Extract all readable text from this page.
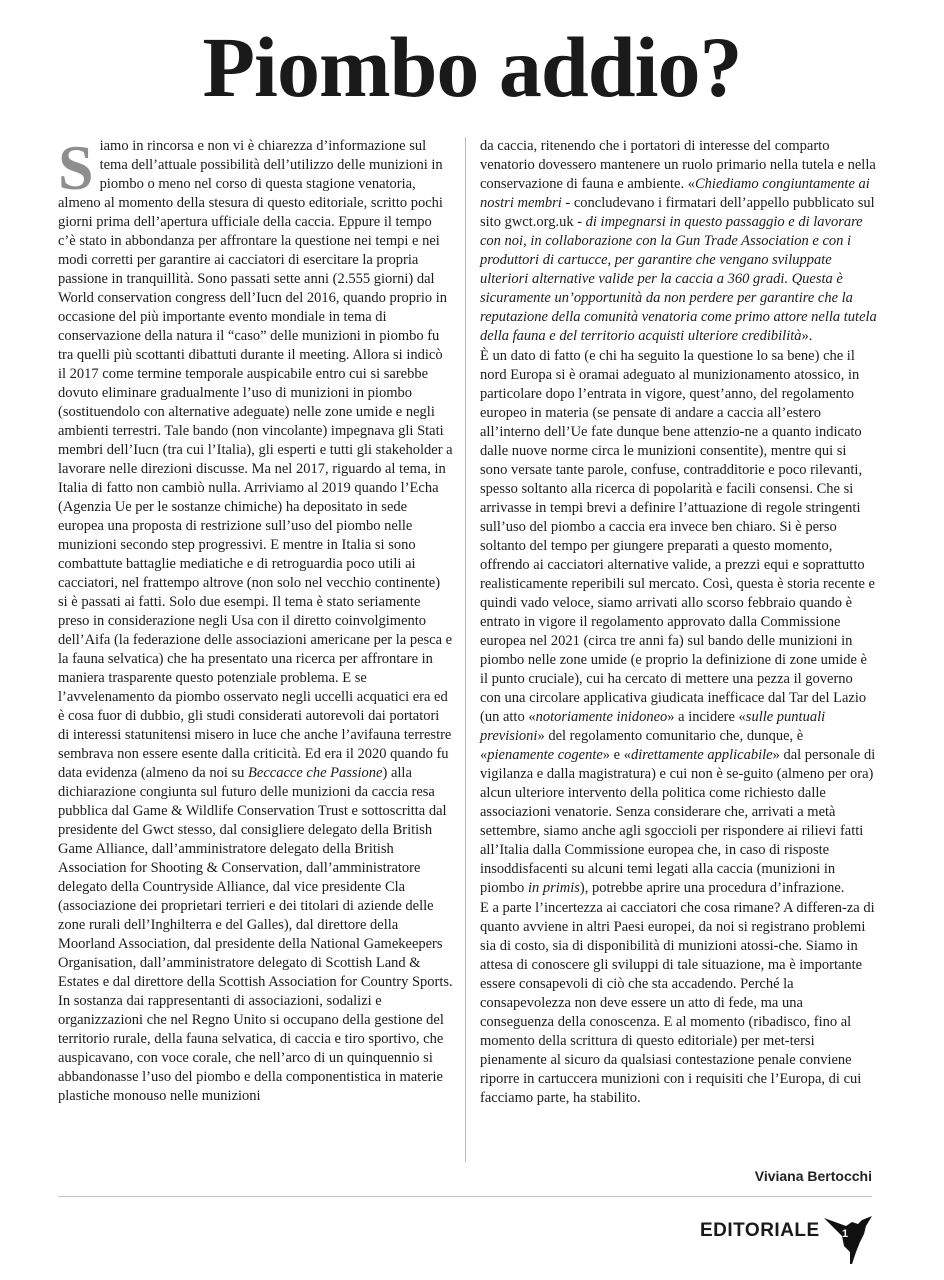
Piombo addio?

Siamo in rincorsa e non vi è chiarezza d’informazione sul tema dell’attuale possibilità dell’utilizzo delle munizioni in piombo o meno nel corso di questa stagione venatoria, almeno al momento della stesura di questo editoriale, scritto pochi giorni prima dell’apertura ufficiale della caccia. Eppure il tempo c’è stato in abbondanza per affrontare la questione nei tempi e nei modi corretti per garantire ai cacciatori di esercitare la propria passione in tranquillità. Sono passati sette anni (2.555 giorni) dal World conservation congress dell’Iucn del 2016, quando proprio in occasione del più importante evento mondiale in tema di conservazione della natura il “caso” delle munizioni in piombo fu tra quelli più scottanti dibattuti durante il meeting. Allora si indicò il 2017 come termine temporale auspicabile entro cui si sarebbe dovuto eliminare gradualmente l’uso di munizioni in piombo (sostituendolo con alternative adeguate) nelle zone umide e negli ambienti terrestri. Tale bando (non vincolante) impegnava gli Stati membri dell’Iucn (tra cui l’Italia), gli esperti e tutti gli stakeholder a lavorare nelle direzioni discusse. Ma nel 2017, riguardo al tema, in Italia di fatto non cambiò nulla. Arriviamo al 2019 quando l’Echa (Agenzia Ue per le sostanze chimiche) ha depositato in sede europea una proposta di restrizione sull’uso del piombo nelle munizioni secondo step progressivi. E mentre in Italia si sono combattute battaglie mediatiche e di retroguardia poco utili ai cacciatori, nel frattempo altrove (non solo nel vecchio continente) si è passati ai fatti. Solo due esempi. Il tema è stato seriamente preso in considerazione negli Usa con il diretto coinvolgimento dell’Aifa (la federazione delle associazioni americane per la pesca e la fauna selvatica) che ha presentato una ricerca per affrontare in maniera trasparente questo potenziale problema. E se l’avvelenamento da piombo osservato negli uccelli acquatici era ed è cosa fuor di dubbio, gli studi considerati autorevoli dai portatori di interessi statunitensi misero in luce che anche l’avifauna terrestre sembrava non essere esente dalla criticità. Ed era il 2020 quando fu data evidenza (almeno da noi su Beccacce che Passione) alla dichiarazione congiunta sul futuro delle munizioni da caccia resa pubblica dal Game & Wildlife Conservation Trust e sottoscritta dal presidente del Gwct stesso, dal consigliere delegato della British Game Alliance, dall’amministratore delegato della British Association for Shooting & Conservation, dall’amministratore delegato della Countryside Alliance, dal vice presidente Cla (associazione dei proprietari terrieri e dei titolari di aziende delle zone rurali dell’Inghilterra e del Galles), dal direttore della Moorland Association, dal presidente della National Gamekeepers Organisation, dall’amministratore delegato di Scottish Land & Estates e dal direttore della Scottish Association for Country Sports. In sostanza dai rappresentanti di associazioni, sodalizi e organizzazioni che nel Regno Unito si occupano della gestione del territorio rurale, della fauna selvatica, di caccia e tiro sportivo, che auspicavano, con voce corale, che nell’arco di un quinquennio si abbandonasse l’uso del piombo e della componentistica in materie plastiche monouso nelle munizioni

da caccia, ritenendo che i portatori di interesse del comparto venatorio dovessero mantenere un ruolo primario nella tutela e nella conservazione di fauna e ambiente. «Chiediamo congiuntamente ai nostri membri - concludevano i firmatari dell’appello pubblicato sul sito gwct.org.uk - di impegnarsi in questo passaggio e di lavorare con noi, in collaborazione con la Gun Trade Association e con i produttori di cartucce, per garantire che vengano sviluppate ulteriori alternative valide per la caccia a 360 gradi. Questa è sicuramente un’opportunità da non perdere per garantire che la reputazione della comunità venatoria come primo attore nella tutela della fauna e del territorio acquisti ulteriore credibilità».

È un dato di fatto (e chi ha seguito la questione lo sa bene) che il nord Europa si è oramai adeguato al munizionamento atossico, in particolare dopo l’entrata in vigore, quest’anno, del regolamento europeo in materia (se pensate di andare a caccia all’estero all’interno dell’Ue fate dunque bene attenzio-ne a quanto indicato dalle nuove norme circa le munizioni consentite), mentre qui si sono versate tante parole, confuse, contradditorie e poco rilevanti, spesso soltanto alla ricerca di popolarità e facili consensi. Che si arrivasse in tempi brevi a definire l’attuazione di regole stringenti sull’uso del piombo a caccia era invece ben chiaro. Si è perso soltanto del tempo per giungere preparati a questo momento, offrendo ai cacciatori alternative valide, a prezzi equi e soprattutto realisticamente reperibili sul mercato. Così, questa è storia recente e quindi vado veloce, siamo arrivati allo scorso febbraio quando è entrato in vigore il regolamento approvato dalla Commissione europea nel 2021 (circa tre anni fa) sul bando delle munizioni in piombo nelle zone umide (e proprio la definizione di zone umide è il punto cruciale), cui ha cercato di mettere una pezza il governo con una circolare applicativa giudicata inefficace dal Tar del Lazio (un atto «notoriamente inidoneo» a incidere «sulle puntuali previsioni» del regolamento comunitario che, dunque, è «pienamente cogente» e «direttamente applicabile» dal personale di vigilanza e dalla magistratura) e cui non è se-guito (almeno per ora) alcun ulteriore intervento della politica come richiesto dalle associazioni venatorie. Senza considerare che, arrivati a metà settembre, siamo anche agli sgoccioli per rispondere ai rilievi fatti all’Italia dalla Commissione europea che, in caso di risposte insoddisfacenti su alcuni temi legati alla caccia (munizioni in piombo in primis), potrebbe aprire una procedura d’infrazione.

E a parte l’incertezza ai cacciatori che cosa rimane? A differen-za di quanto avviene in altri Paesi europei, da noi si registrano problemi sia di costo, sia di disponibilità di munizioni atossi-che. Siamo in attesa di conoscere gli sviluppi di tale situazione, ma è importante essere consapevoli di ciò che sta accadendo. Perché la consapevolezza non deve essere un atto di fede, ma una conseguenza della conoscenza. E al momento (ribadisco, fino al momento della scrittura di questo editoriale) per met-tersi pienamente al sicuro da qualsiasi contestazione penale conviene riporre in cartuccera munizioni con i requisiti che l’Europa, di cui facciamo parte, ha stabilito.

Viviana Bertocchi
EDITORIALE	1
